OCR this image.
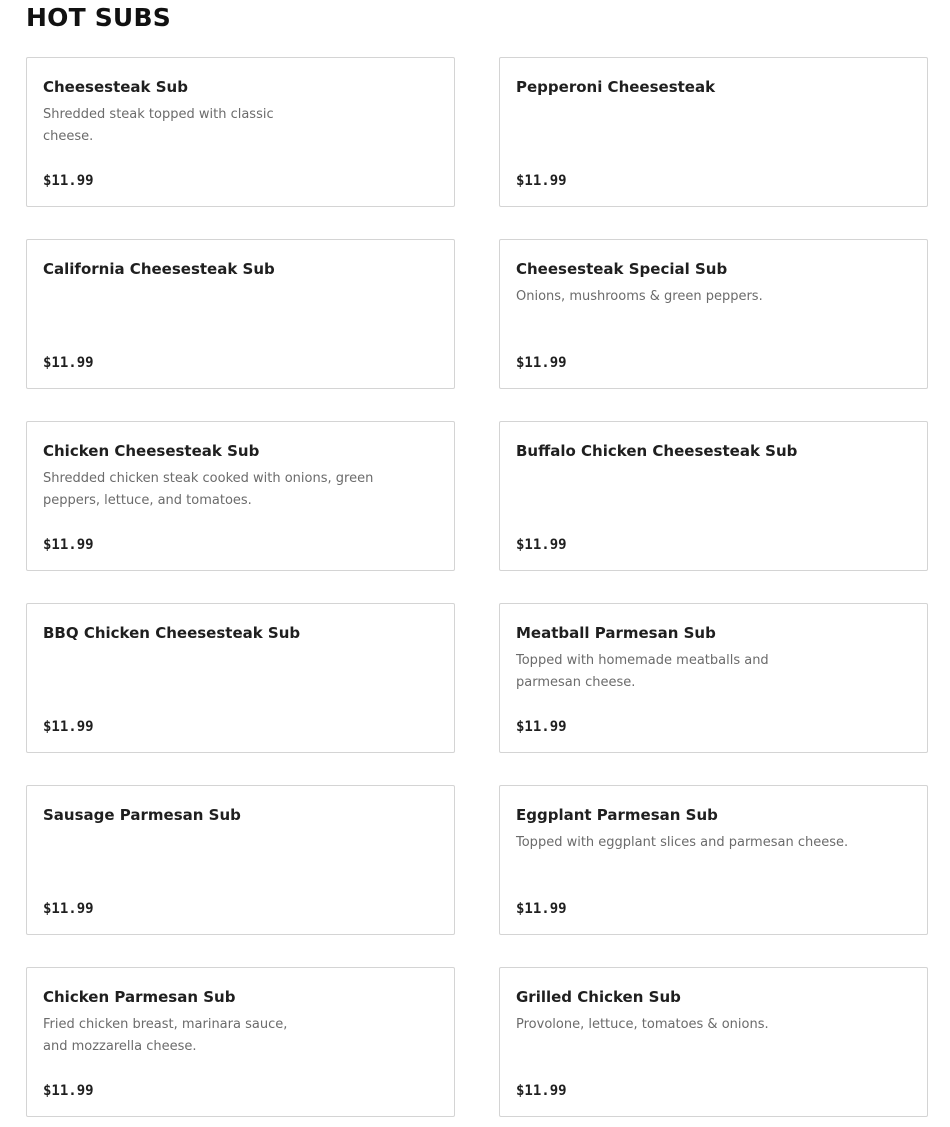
HOT SUBS
Cheesesteak Sub
Shredded steak topped with classic cheese.
$11.99
Pepperoni Cheesesteak
$11.99
California Cheesesteak Sub
$11.99
Cheesesteak Special Sub
Onions, mushrooms & green peppers.
$11.99
Chicken Cheesesteak Sub
Shredded chicken steak cooked with onions, green peppers, lettuce, and tomatoes.
$11.99
Buffalo Chicken Cheesesteak Sub
$11.99
BBQ Chicken Cheesesteak Sub
$11.99
Meatball Parmesan Sub
Topped with homemade meatballs and parmesan cheese.
$11.99
Sausage Parmesan Sub
$11.99
Eggplant Parmesan Sub
Topped with eggplant slices and parmesan cheese.
$11.99
Chicken Parmesan Sub
Fried chicken breast, marinara sauce, and mozzarella cheese.
$11.99
Grilled Chicken Sub
Provolone, lettuce, tomatoes & onions.
$11.99
